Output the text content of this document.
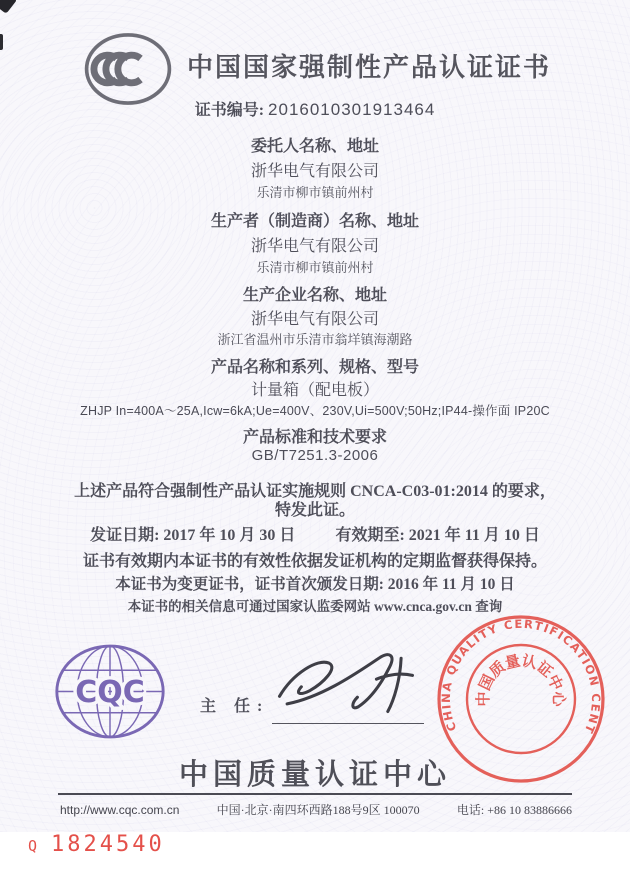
中国国家强制性产品认证证书
证书编号: 2016010301913464
委托人名称、地址
浙华电气有限公司
乐清市柳市镇前州村
生产者（制造商）名称、地址
浙华电气有限公司
乐清市柳市镇前州村
生产企业名称、地址
浙华电气有限公司
浙江省温州市乐清市翁垟镇海潮路
产品名称和系列、规格、型号
计量箱（配电板）
ZHJP In=400A～25A,Icw=6kA;Ue=400V、230V,Ui=500V;50Hz;IP44-操作面 IP20C
产品标准和技术要求
GB/T7251.3-2006
上述产品符合强制性产品认证实施规则 CNCA-C03-01:2014 的要求，
特发此证。
发证日期: 2017 年 10 月 30 日	有效期至: 2021 年 11 月 10 日
证书有效期内本证书的有效性依据发证机构的定期监督获得保持。
本证书为变更证书，证书首次颁发日期: 2016 年 11 月 10 日
本证书的相关信息可通过国家认监委网站 www.cnca.gov.cn 查询
CQC	主 任:
CHINA QUALITY CERTIFICATION CENTRE
中
国
质
量
认
证
中
心
中国质量认证中心
http://www.cqc.com.cn	中国·北京·南四环西路188号9区 100070	电话: +86 10 83886666
Q 1824540
